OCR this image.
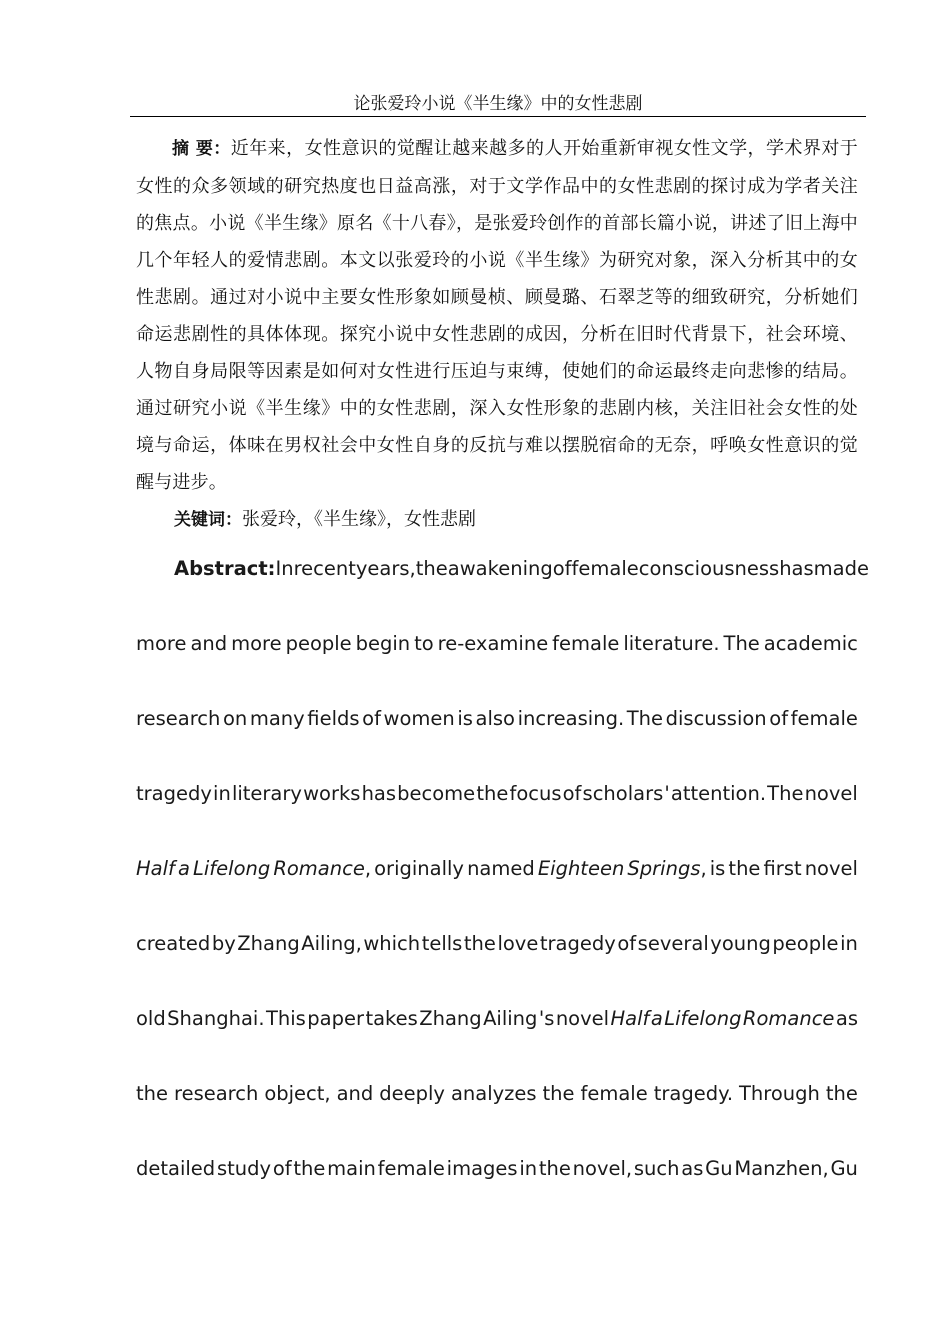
论张爱玲小说《半生缘》中的女性悲剧

摘 要：近年来，女性意识的觉醒让越来越多的人开始重新审视女性文学，学术界对于女性的众多领域的研究热度也日益高涨，对于文学作品中的女性悲剧的探讨成为学者关注的焦点。小说《半生缘》原名《十八春》，是张爱玲创作的首部长篇小说，讲述了旧上海中几个年轻人的爱情悲剧。本文以张爱玲的小说《半生缘》为研究对象，深入分析其中的女性悲剧。通过对小说中主要女性形象如顾曼桢、顾曼璐、石翠芝等的细致研究，分析她们命运悲剧性的具体体现。探究小说中女性悲剧的成因，分析在旧时代背景下，社会环境、人物自身局限等因素是如何对女性进行压迫与束缚，使她们的命运最终走向悲惨的结局。通过研究小说《半生缘》中的女性悲剧，深入女性形象的悲剧内核，关注旧社会女性的处境与命运，体味在男权社会中女性自身的反抗与难以摆脱宿命的无奈，呼唤女性意识的觉醒与进步。

关键词：张爱玲，《半生缘》，女性悲剧

Abstract:In recent years, the awakening of female consciousness has made
more and more people begin to re-examine female literature. The academic
research on many fields of women is also increasing. The discussion of female
tragedy in literary works has become the focus of scholars ' attention. The novel
Half a Lifelong Romance, originally named Eighteen Springs, is the first novel
created by Zhang Ailing, which tells the love tragedy of several young people in
old Shanghai. This paper takes Zhang Ailing 's novel Half a Lifelong Romance as
the research object, and deeply analyzes the female tragedy. Through the
detailed study of the main female images in the novel, such as Gu Manzhen, Gu
